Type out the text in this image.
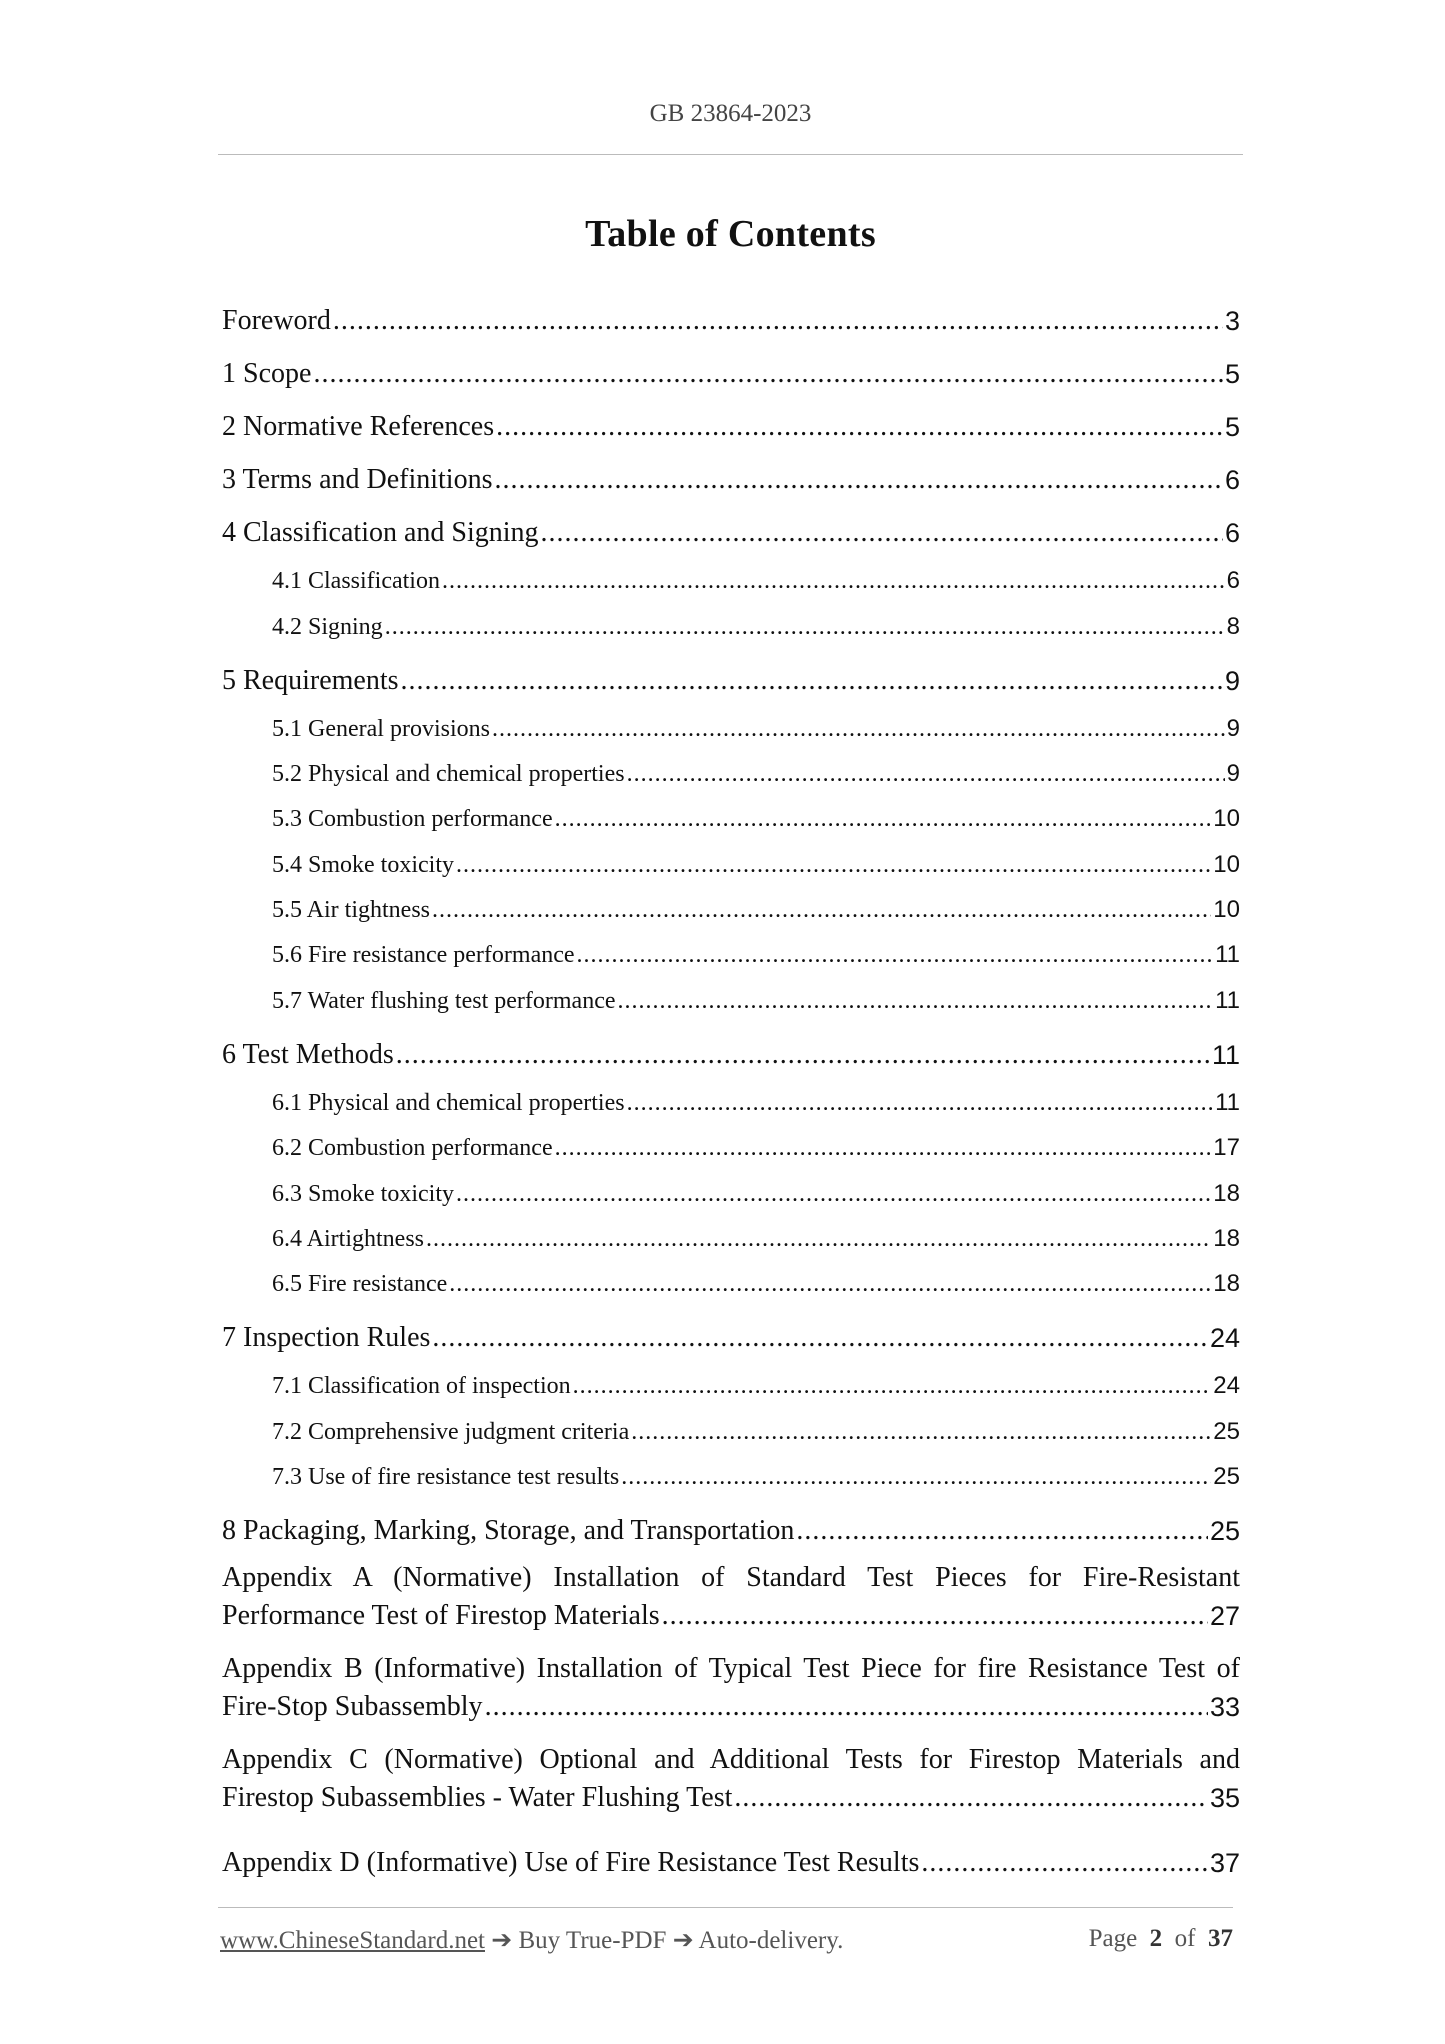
GB 23864-2023
Table of Contents
Foreword .....	3
1 Scope .....	5
2 Normative References .....	5
3 Terms and Definitions .....	6
4 Classification and Signing .....	6
4.1 Classification .....	6
4.2 Signing .....	8
5 Requirements .....	9
5.1 General provisions .....	9
5.2 Physical and chemical properties .....	9
5.3 Combustion performance .....	10
5.4 Smoke toxicity .....	10
5.5 Air tightness .....	10
5.6 Fire resistance performance .....	11
5.7 Water flushing test performance .....	11
6 Test Methods .....	11
6.1 Physical and chemical properties .....	11
6.2 Combustion performance .....	17
6.3 Smoke toxicity .....	18
6.4 Airtightness .....	18
6.5 Fire resistance .....	18
7 Inspection Rules .....	24
7.1 Classification of inspection .....	24
7.2 Comprehensive judgment criteria .....	25
7.3 Use of fire resistance test results .....	25
8 Packaging, Marking, Storage, and Transportation .....	25
Appendix A (Normative) Installation of Standard Test Pieces for Fire-Resistant
Performance Test of Firestop Materials .....	27
Appendix B (Informative) Installation of Typical Test Piece for fire Resistance Test of
Fire-Stop Subassembly .....	33
Appendix C (Normative) Optional and Additional Tests for Firestop Materials and
Firestop Subassemblies - Water Flushing Test .....	35
Appendix D (Informative) Use of Fire Resistance Test Results .....	37
www.ChineseStandard.net ➔ Buy True-PDF ➔ Auto-delivery.	Page 2 of 37
